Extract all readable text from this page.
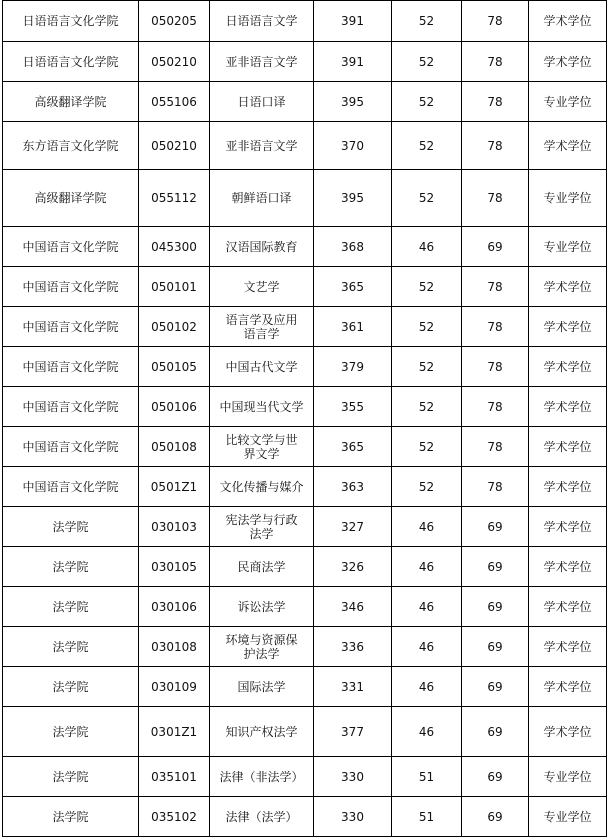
日语语言文化学院	050205	日语语言文学	391	52	78	学术学位
日语语言文化学院	050210	亚非语言文学	391	52	78	学术学位
高级翻译学院	055106	日语口译	395	52	78	专业学位
东方语言文化学院	050210	亚非语言文学	370	52	78	学术学位
高级翻译学院	055112	朝鲜语口译	395	52	78	专业学位
中国语言文化学院	045300	汉语国际教育	368	46	69	专业学位
中国语言文化学院	050101	文艺学	365	52	78	学术学位
中国语言文化学院	050102	语言学及应用语言学	361	52	78	学术学位
中国语言文化学院	050105	中国古代文学	379	52	78	学术学位
中国语言文化学院	050106	中国现当代文学	355	52	78	学术学位
中国语言文化学院	050108	比较文学与世界文学	365	52	78	学术学位
中国语言文化学院	0501Z1	文化传播与媒介	363	52	78	学术学位
法学院	030103	宪法学与行政法学	327	46	69	学术学位
法学院	030105	民商法学	326	46	69	学术学位
法学院	030106	诉讼法学	346	46	69	学术学位
法学院	030108	环境与资源保护法学	336	46	69	学术学位
法学院	030109	国际法学	331	46	69	学术学位
法学院	0301Z1	知识产权法学	377	46	69	学术学位
法学院	035101	法律（非法学）	330	51	69	专业学位
法学院	035102	法律（法学）	330	51	69	专业学位
